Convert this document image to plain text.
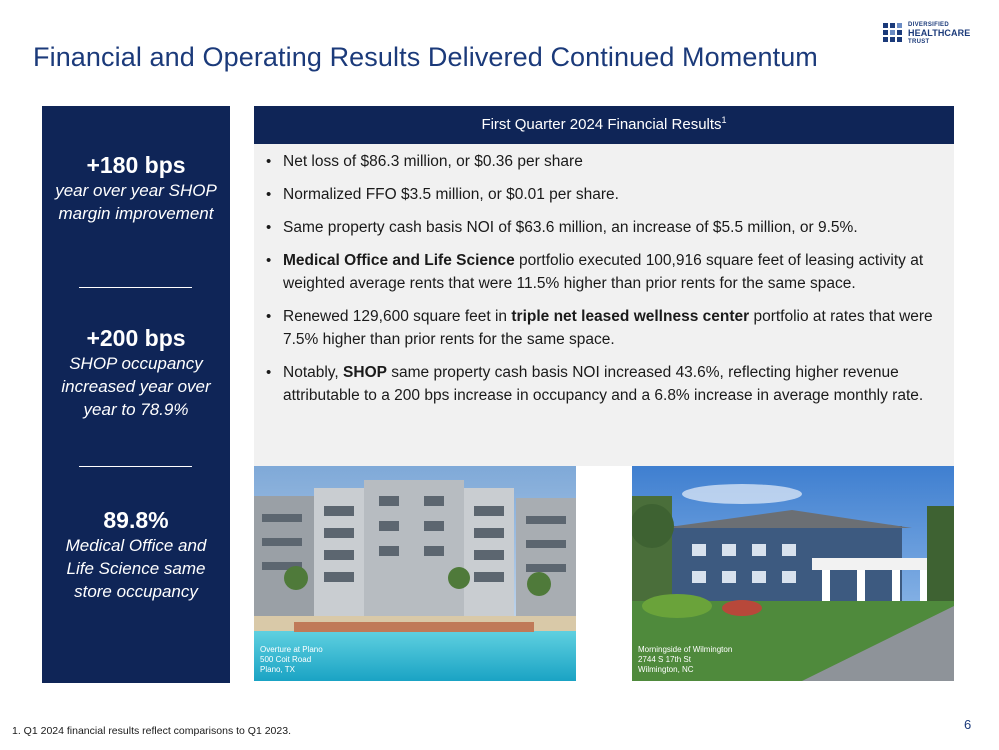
Financial and Operating Results Delivered Continued Momentum
DIVERSIFIED
HEALTHCARE
TRUST
+180 bps
year over year SHOP margin improvement
+200 bps
SHOP occupancy increased year over year to 78.9%
89.8%
Medical Office and Life Science same store occupancy
First Quarter 2024 Financial Results$^1$
• Net loss of $86.3 million, or $0.36 per share
• Normalized FFO $3.5 million, or $0.01 per share.
• Same property cash basis NOI of $63.6 million, an increase of $5.5 million, or 9.5%.
• Medical Office and Life Science portfolio executed 100,916 square feet of leasing activity at weighted average rents that were 11.5% higher than prior rents for the same space.
• Renewed 129,600 square feet in triple net leased wellness center portfolio at rates that were 7.5% higher than prior rents for the same space.
• Notably, SHOP same property cash basis NOI increased 43.6%, reflecting higher revenue attributable to a 200 bps increase in occupancy and a 6.8% increase in average monthly rate.
Overture at Plano
500 Coit Road
Plano, TX
Morningside of Wilmington
2744 S 17th St
Wilmington, NC
1. Q1 2024 financial results reflect comparisons to Q1 2023.	6
